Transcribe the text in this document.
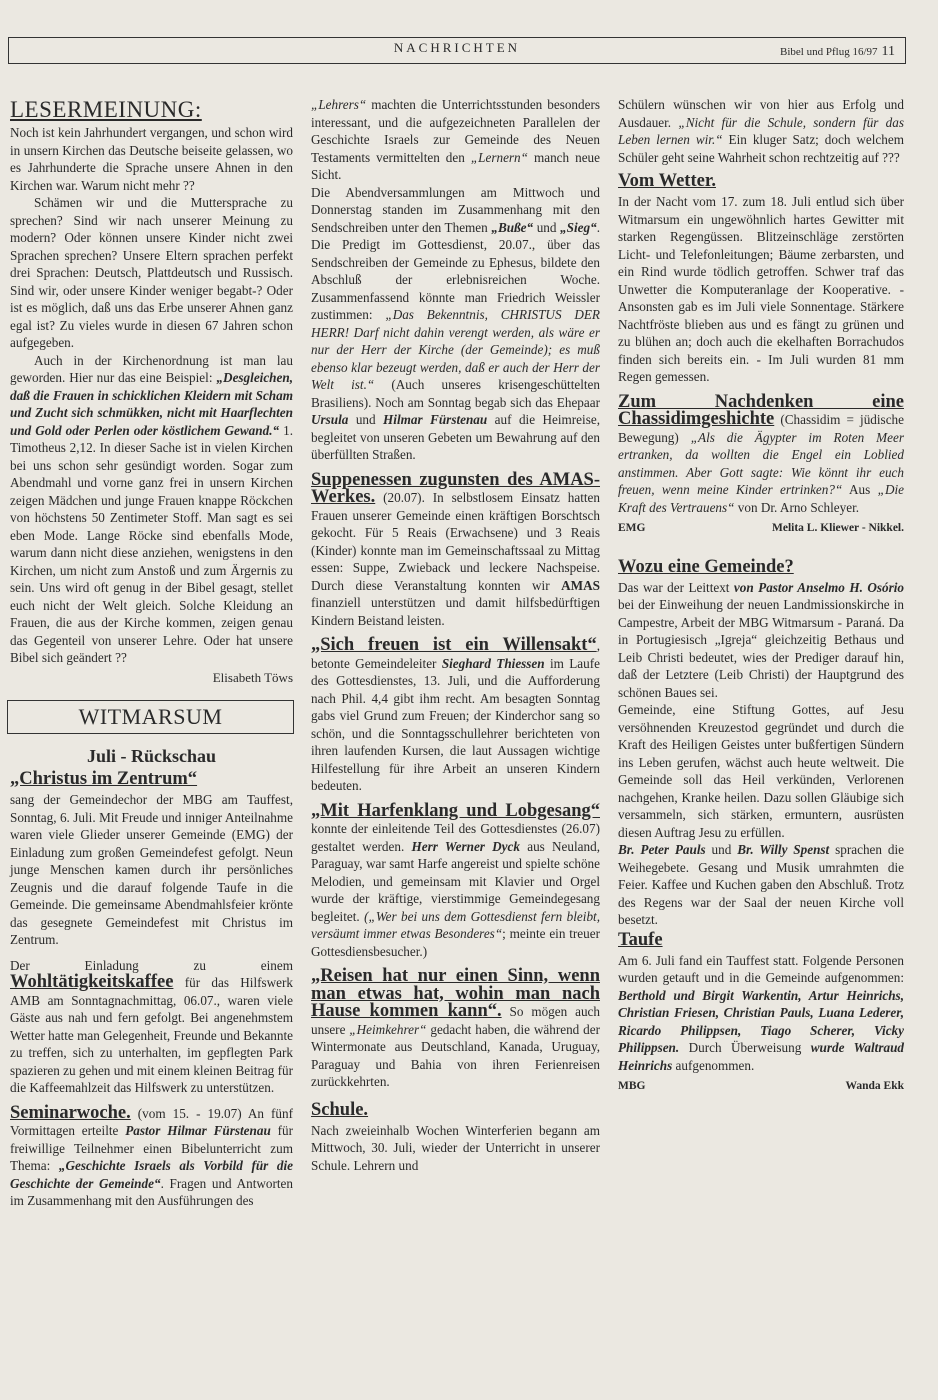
NACHRICHTEN	Bibel und Pflug 16/97 11
LESERMEINUNG:

Noch ist kein Jahrhundert vergangen, und schon wird in unsern Kirchen das Deutsche beiseite gelassen, wo es Jahrhunderte die Sprache unsere Ahnen in den Kirchen war. Warum nicht mehr ??

Schämen wir und die Muttersprache zu sprechen? Sind wir nach unserer Meinung zu modern? Oder können unsere Kinder nicht zwei Sprachen sprechen? Unsere Eltern sprachen perfekt drei Sprachen: Deutsch, Plattdeutsch und Russisch. Sind wir, oder unsere Kinder weniger begabt-? Oder ist es möglich, daß uns das Erbe unserer Ahnen ganz egal ist? Zu vieles wurde in diesen 67 Jahren schon aufgegeben.

Auch in der Kirchenordnung ist man lau geworden. Hier nur das eine Beispiel: „Desgleichen, daß die Frauen in schicklichen Kleidern mit Scham und Zucht sich schmükken, nicht mit Haarflechten und Gold oder Perlen oder köstlichem Gewand.“ 1. Timotheus 2,12. In dieser Sache ist in vielen Kirchen bei uns schon sehr gesündigt worden. Sogar zum Abendmahl und vorne ganz frei in unsern Kirchen zeigen Mädchen und junge Frauen knappe Röckchen von höchstens 50 Zentimeter Stoff. Man sagt es sei eben Mode. Lange Röcke sind ebenfalls Mode, warum dann nicht diese anziehen, wenigstens in den Kirchen, um nicht zum Anstoß und zum Ärgernis zu sein. Uns wird oft genug in der Bibel gesagt, stellet euch nicht der Welt gleich. Solche Kleidung an Frauen, die aus der Kirche kommen, zeigen genau das Gegenteil von unserer Lehre. Oder hat unsere Bibel sich geändert ??

Elisabeth Töws
WITMARSUM
Juli - Rückschau
„Christus im Zentrum“

sang der Gemeindechor der MBG am Tauffest, Sonntag, 6. Juli. Mit Freude und inniger Anteilnahme waren viele Glieder unserer Gemeinde (EMG) der Einladung zum großen Gemeindefest gefolgt. Neun junge Menschen kamen durch ihr persönliches Zeugnis und die darauf folgende Taufe in die Gemeinde. Die gemeinsame Abendmahlsfeier krönte das gesegnete Gemeindefest mit Christus im Zentrum.

Der Einladung zu einem Wohltätigkeitskaffee für das Hilfswerk AMB am Sonntagnachmittag, 06.07., waren viele Gäste aus nah und fern gefolgt. Bei angenehmstem Wetter hatte man Gelegenheit, Freunde und Bekannte zu treffen, sich zu unterhalten, im gepflegten Park spazieren zu gehen und mit einem kleinen Beitrag für die Kaffeemahlzeit das Hilfswerk zu unterstützen.

Seminarwoche. (vom 15. - 19.07) An fünf Vormittagen erteilte Pastor Hilmar Fürstenau für freiwillige Teilnehmer einen Bibelunterricht zum Thema: „Geschichte Israels als Vorbild für die Geschichte der Gemeinde“. Fragen und Antworten im Zusammenhang mit den Ausführungen des

„Lehrers“ machten die Unterrichtsstunden besonders interessant, und die aufgezeichneten Parallelen der Geschichte Israels zur Gemeinde des Neuen Testaments vermittelten den „Lernern“ manch neue Sicht.

Die Abendversammlungen am Mittwoch und Donnerstag standen im Zusammenhang mit den Sendschreiben unter den Themen „Buße“ und „Sieg“. Die Predigt im Gottesdienst, 20.07., über das Sendschreiben der Gemeinde zu Ephesus, bildete den Abschluß der erlebnisreichen Woche. Zusammenfassend könnte man Friedrich Weissler zustimmen: „Das Bekenntnis, CHRISTUS DER HERR! Darf nicht dahin verengt werden, als wäre er nur der Herr der Kirche (der Gemeinde); es muß ebenso klar bezeugt werden, daß er auch der Herr der Welt ist.“ (Auch unseres krisengeschüttelten Brasiliens). Noch am Sonntag begab sich das Ehepaar Ursula und Hilmar Fürstenau auf die Heimreise, begleitet von unseren Gebeten um Bewahrung auf den überfüllten Straßen.

Suppenessen zugunsten des AMAS-Werkes. (20.07). In selbstlosem Einsatz hatten Frauen unserer Gemeinde einen kräftigen Borschtsch gekocht. Für 5 Reais (Erwachsene) und 3 Reais (Kinder) konnte man im Gemeinschaftssaal zu Mittag essen: Suppe, Zwieback und leckere Nachspeise. Durch diese Veranstaltung konnten wir AMAS finanziell unterstützen und damit hilfsbedürftigen Kindern Beistand leisten.

„Sich freuen ist ein Willensakt“, betonte Gemeindeleiter Sieghard Thiessen im Laufe des Gottesdienstes, 13. Juli, und die Aufforderung nach Phil. 4,4 gibt ihm recht. Am besagten Sonntag gabs viel Grund zum Freuen; der Kinderchor sang so schön, und die Sonntagsschullehrer berichteten von ihren laufenden Kursen, die laut Aussagen wichtige Hilfestellung für ihre Arbeit an unseren Kindern bedeuten.

„Mit Harfenklang und Lobgesang“ konnte der einleitende Teil des Gottesdienstes (26.07) gestaltet werden. Herr Werner Dyck aus Neuland, Paraguay, war samt Harfe angereist und spielte schöne Melodien, und gemeinsam mit Klavier und Orgel wurde der kräftige, vierstimmige Gemeindegesang begleitet. („Wer bei uns dem Gottesdienst fern bleibt, versäumt immer etwas Besonderes“; meinte ein treuer Gottesdiensbesucher.)

„Reisen hat nur einen Sinn, wenn man etwas hat, wohin man nach Hause kommen kann“. So mögen auch unsere „Heimkehrer“ gedacht haben, die während der Wintermonate aus Deutschland, Kanada, Uruguay, Paraguay und Bahia von ihren Ferienreisen zurückkehrten.

Schule.

Nach zweieinhalb Wochen Winterferien begann am Mittwoch, 30. Juli, wieder der Unterricht in unserer Schule. Lehrern und

Schülern wünschen wir von hier aus Erfolg und Ausdauer. „Nicht für die Schule, sondern für das Leben lernen wir.“ Ein kluger Satz; doch welchem Schüler geht seine Wahrheit schon rechtzeitig auf ???

Vom Wetter.

In der Nacht vom 17. zum 18. Juli entlud sich über Witmarsum ein ungewöhnlich hartes Gewitter mit starken Regengüssen. Blitzeinschläge zerstörten Licht- und Telefonleitungen; Bäume zerbarsten, und ein Rind wurde tödlich getroffen. Schwer traf das Unwetter die Komputeranlage der Kooperative. - Ansonsten gab es im Juli viele Sonnentage. Stärkere Nachtfröste blieben aus und es fängt zu grünen und zu blühen an; doch auch die ekelhaften Borrachudos finden sich bereits ein. - Im Juli wurden 81 mm Regen gemessen.

Zum Nachdenken eine Chassidimgeshichte (Chassidim = jüdische Bewegung) „Als die Ägypter im Roten Meer ertranken, da wollten die Engel ein Loblied anstimmen. Aber Gott sagte: Wie könnt ihr euch freuen, wenn meine Kinder ertrinken?“ Aus „Die Kraft des Vertrauens“ von Dr. Arno Schleyer.

EMG	Melita L. Kliewer - Nikkel.
Wozu eine Gemeinde?

Das war der Leittext von Pastor Anselmo H. Osório bei der Einweihung der neuen Landmissionskirche in Campestre, Arbeit der MBG Witmarsum - Paraná. Da in Portugiesisch „Igreja“ gleichzeitig Bethaus und Leib Christi bedeutet, wies der Prediger darauf hin, daß der Letztere (Leib Christi) der Hauptgrund des schönen Baues sei.

Gemeinde, eine Stiftung Gottes, auf Jesu versöhnenden Kreuzestod gegründet und durch die Kraft des Heiligen Geistes unter bußfertigen Sündern ins Leben gerufen, wächst auch heute weltweit. Die Gemeinde soll das Heil verkünden, Verlorenen nachgehen, Kranke heilen. Dazu sollen Gläubige sich versammeln, sich stärken, ermuntern, ausrüsten diesen Auftrag Jesu zu erfüllen.

Br. Peter Pauls und Br. Willy Spenst sprachen die Weihegebete. Gesang und Musik umrahmten die Feier. Kaffee und Kuchen gaben den Abschluß. Trotz des Regens war der Saal der neuen Kirche voll besetzt.

Taufe

Am 6. Juli fand ein Tauffest statt. Folgende Personen wurden getauft und in die Gemeinde aufgenommen: Berthold und Birgit Warkentin, Artur Heinrichs, Christian Friesen, Christian Pauls, Luana Lederer, Ricardo Philippsen, Tiago Scherer, Vicky Philippsen. Durch Überweisung wurde Waltraud Heinrichs aufgenommen.

MBG	Wanda Ekk
